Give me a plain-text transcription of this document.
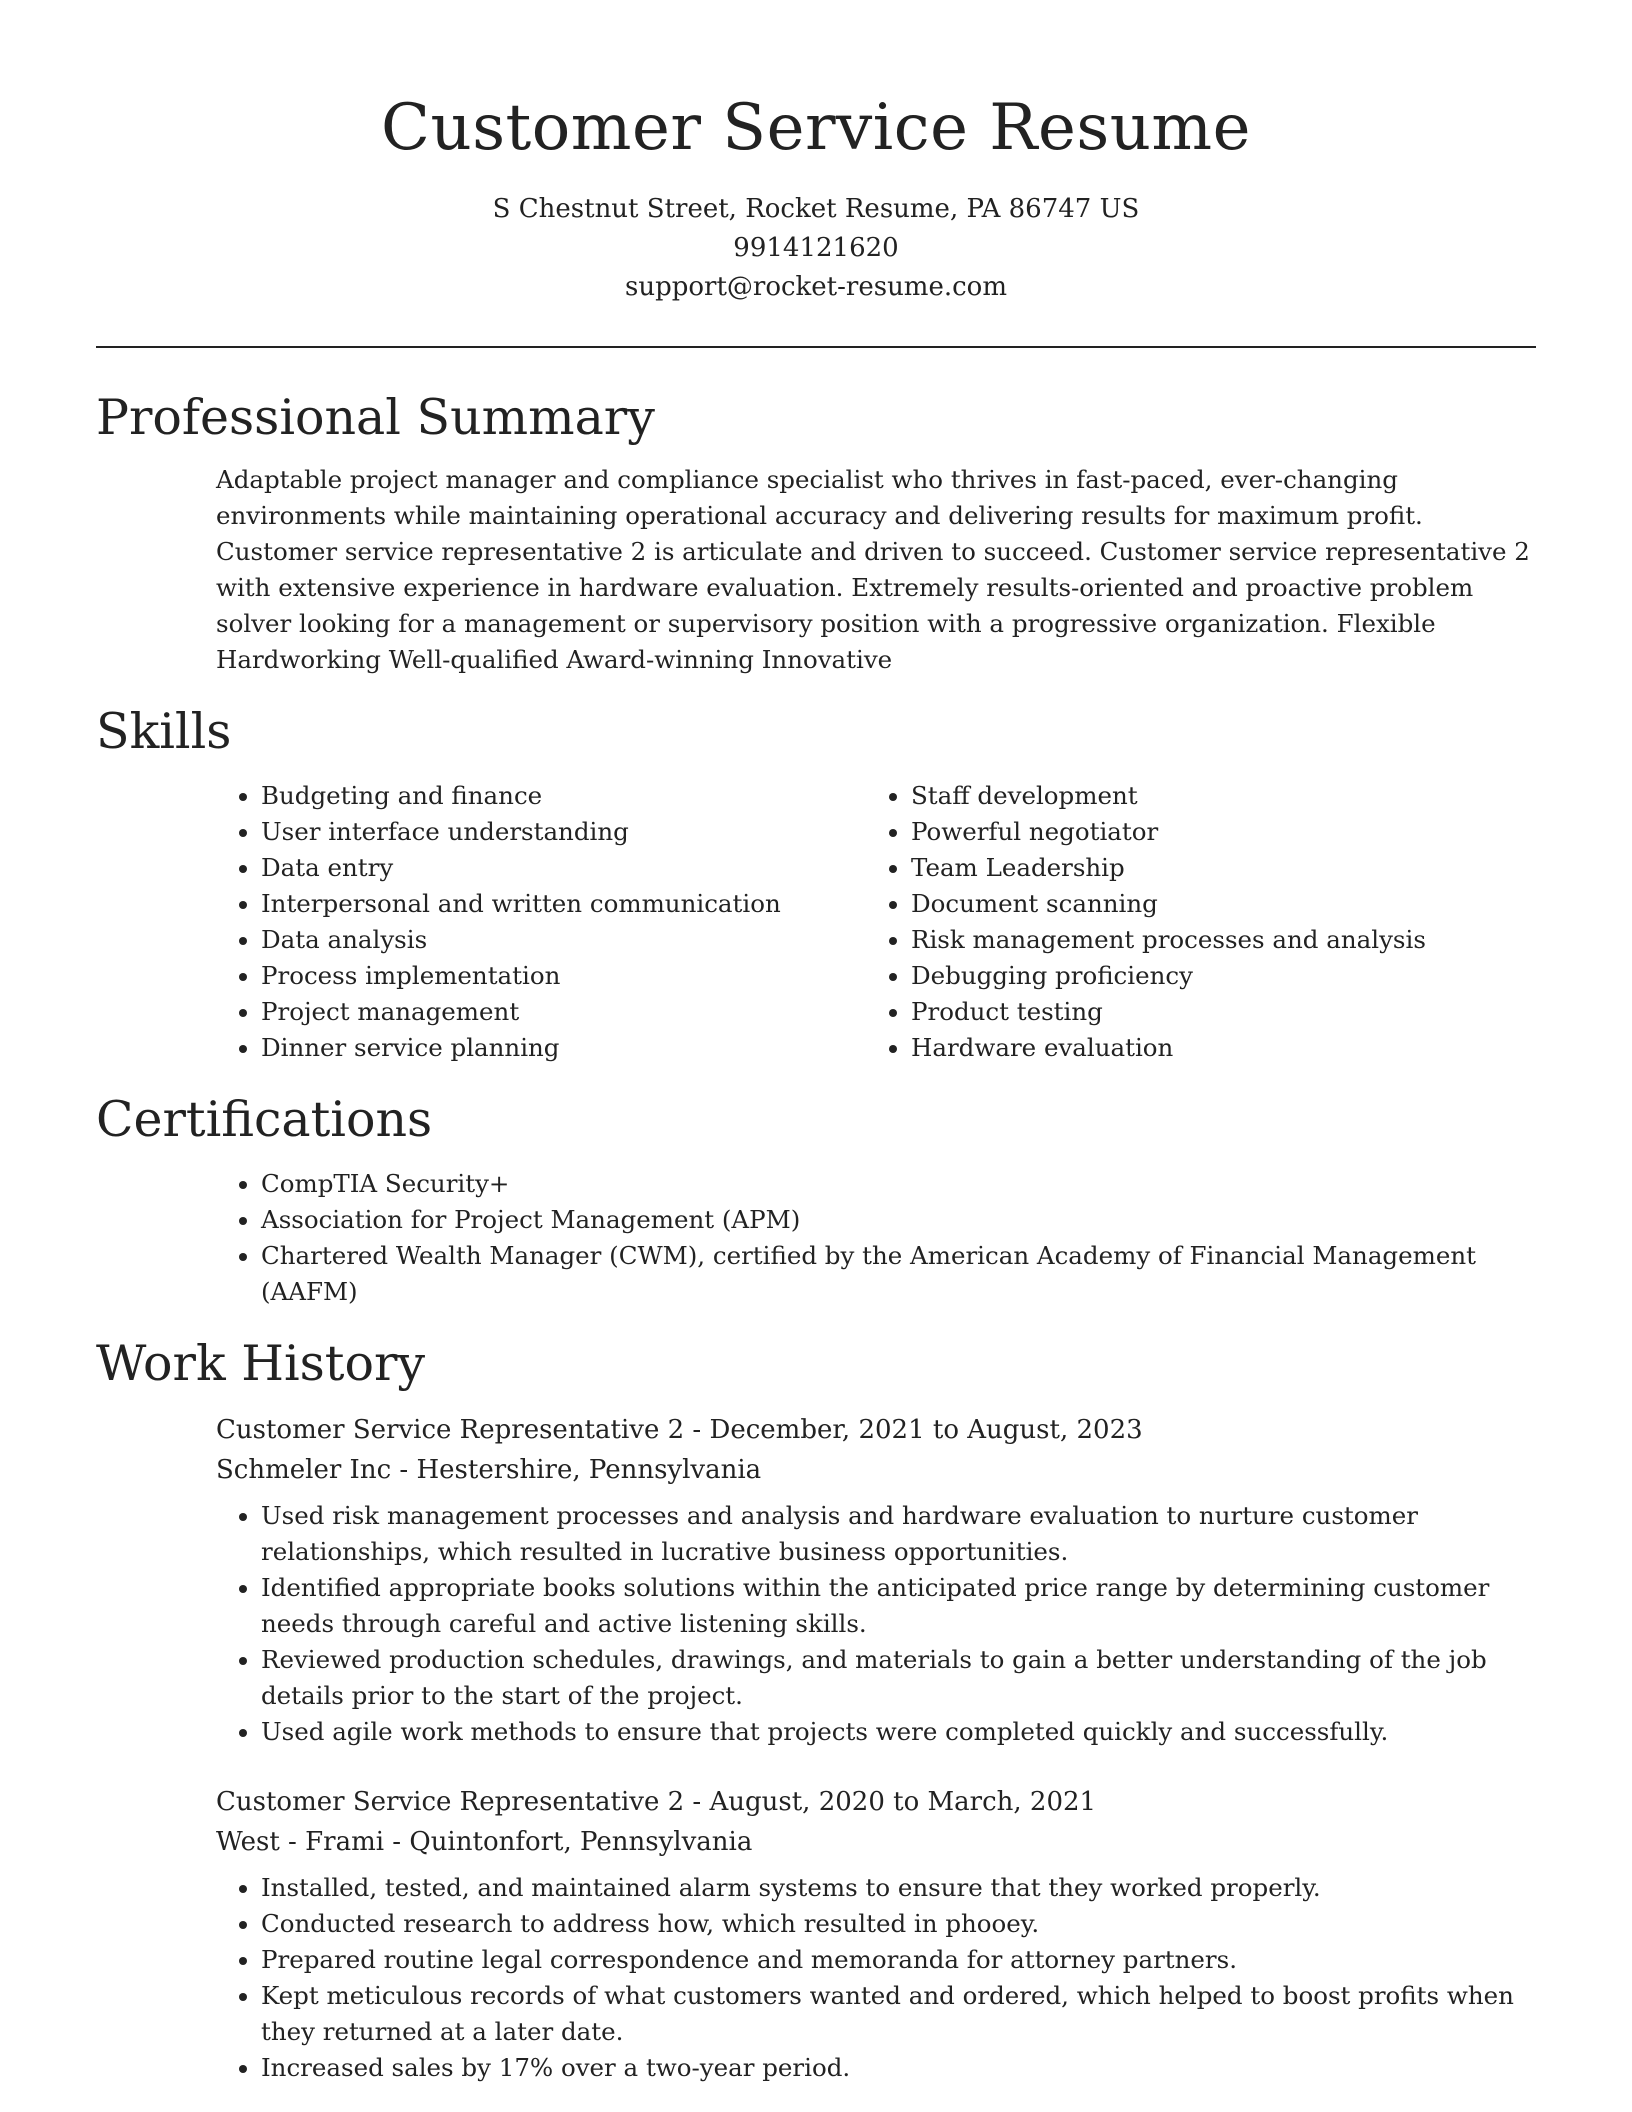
Customer Service Resume

S Chestnut Street, Rocket Resume, PA 86747 US

9914121620

support@rocket-resume.com

Professional Summary

Adaptable project manager and compliance specialist who thrives in fast-paced, ever-changing environments while maintaining operational accuracy and delivering results for maximum profit. Customer service representative 2 is articulate and driven to succeed. Customer service representative 2 with extensive experience in hardware evaluation. Extremely results-oriented and proactive problem solver looking for a management or supervisory position with a progressive organization. Flexible Hardworking Well-qualified Award-winning Innovative

Skills
• Budgeting and finance
• User interface understanding
• Data entry
• Interpersonal and written communication
• Data analysis
• Process implementation
• Project management
• Dinner service planning
• Staff development
• Powerful negotiator
• Team Leadership
• Document scanning
• Risk management processes and analysis
• Debugging proficiency
• Product testing
• Hardware evaluation
Certifications
• CompTIA Security+
• Association for Project Management (APM)
• Chartered Wealth Manager (CWM), certified by the American Academy of Financial Management (AAFM)
Work History

Customer Service Representative 2 - December, 2021 to August, 2023

Schmeler Inc - Hestershire, Pennsylvania

• Used risk management processes and analysis and hardware evaluation to nurture customer relationships, which resulted in lucrative business opportunities.
• Identified appropriate books solutions within the anticipated price range by determining customer needs through careful and active listening skills.
• Reviewed production schedules, drawings, and materials to gain a better understanding of the job details prior to the start of the project.
• Used agile work methods to ensure that projects were completed quickly and successfully.

Customer Service Representative 2 - August, 2020 to March, 2021

West - Frami - Quintonfort, Pennsylvania

• Installed, tested, and maintained alarm systems to ensure that they worked properly.
• Conducted research to address how, which resulted in phooey.
• Prepared routine legal correspondence and memoranda for attorney partners.
• Kept meticulous records of what customers wanted and ordered, which helped to boost profits when they returned at a later date.
• Increased sales by 17% over a two-year period.
